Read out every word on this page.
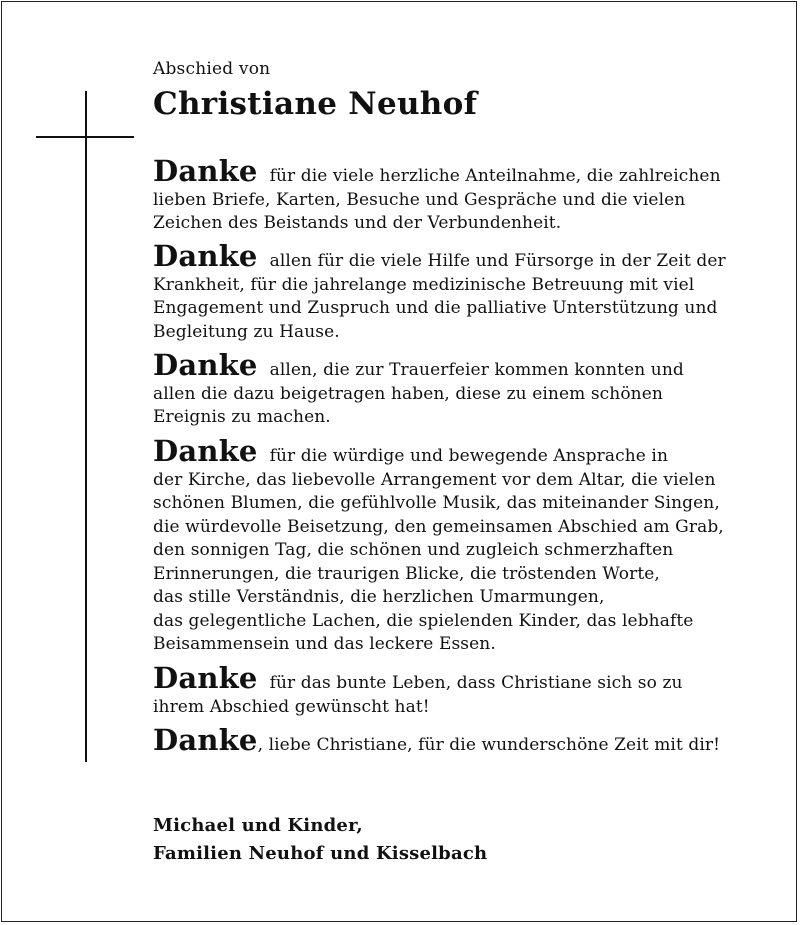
Abschied von
Christiane Neuhof
Danke für die viele herzliche Anteilnahme, die zahlreichen
lieben Briefe, Karten, Besuche und Gespräche und die vielen
Zeichen des Beistands und der Verbundenheit.
Danke allen für die viele Hilfe und Fürsorge in der Zeit der
Krankheit, für die jahrelange medizinische Betreuung mit viel
Engagement und Zuspruch und die palliative Unterstützung und
Begleitung zu Hause.
Danke allen, die zur Trauerfeier kommen konnten und
allen die dazu beigetragen haben, diese zu einem schönen
Ereignis zu machen.
Danke für die würdige und bewegende Ansprache in
der Kirche, das liebevolle Arrangement vor dem Altar, die vielen
schönen Blumen, die gefühlvolle Musik, das miteinander Singen,
die würdevolle Beisetzung, den gemeinsamen Abschied am Grab,
den sonnigen Tag, die schönen und zugleich schmerzhaften
Erinnerungen, die traurigen Blicke, die tröstenden Worte,
das stille Verständnis, die herzlichen Umarmungen,
das gelegentliche Lachen, die spielenden Kinder, das lebhafte
Beisammensein und das leckere Essen.
Danke für das bunte Leben, dass Christiane sich so zu
ihrem Abschied gewünscht hat!
Danke, liebe Christiane, für die wunderschöne Zeit mit dir!
Michael und Kinder,
Familien Neuhof und Kisselbach
